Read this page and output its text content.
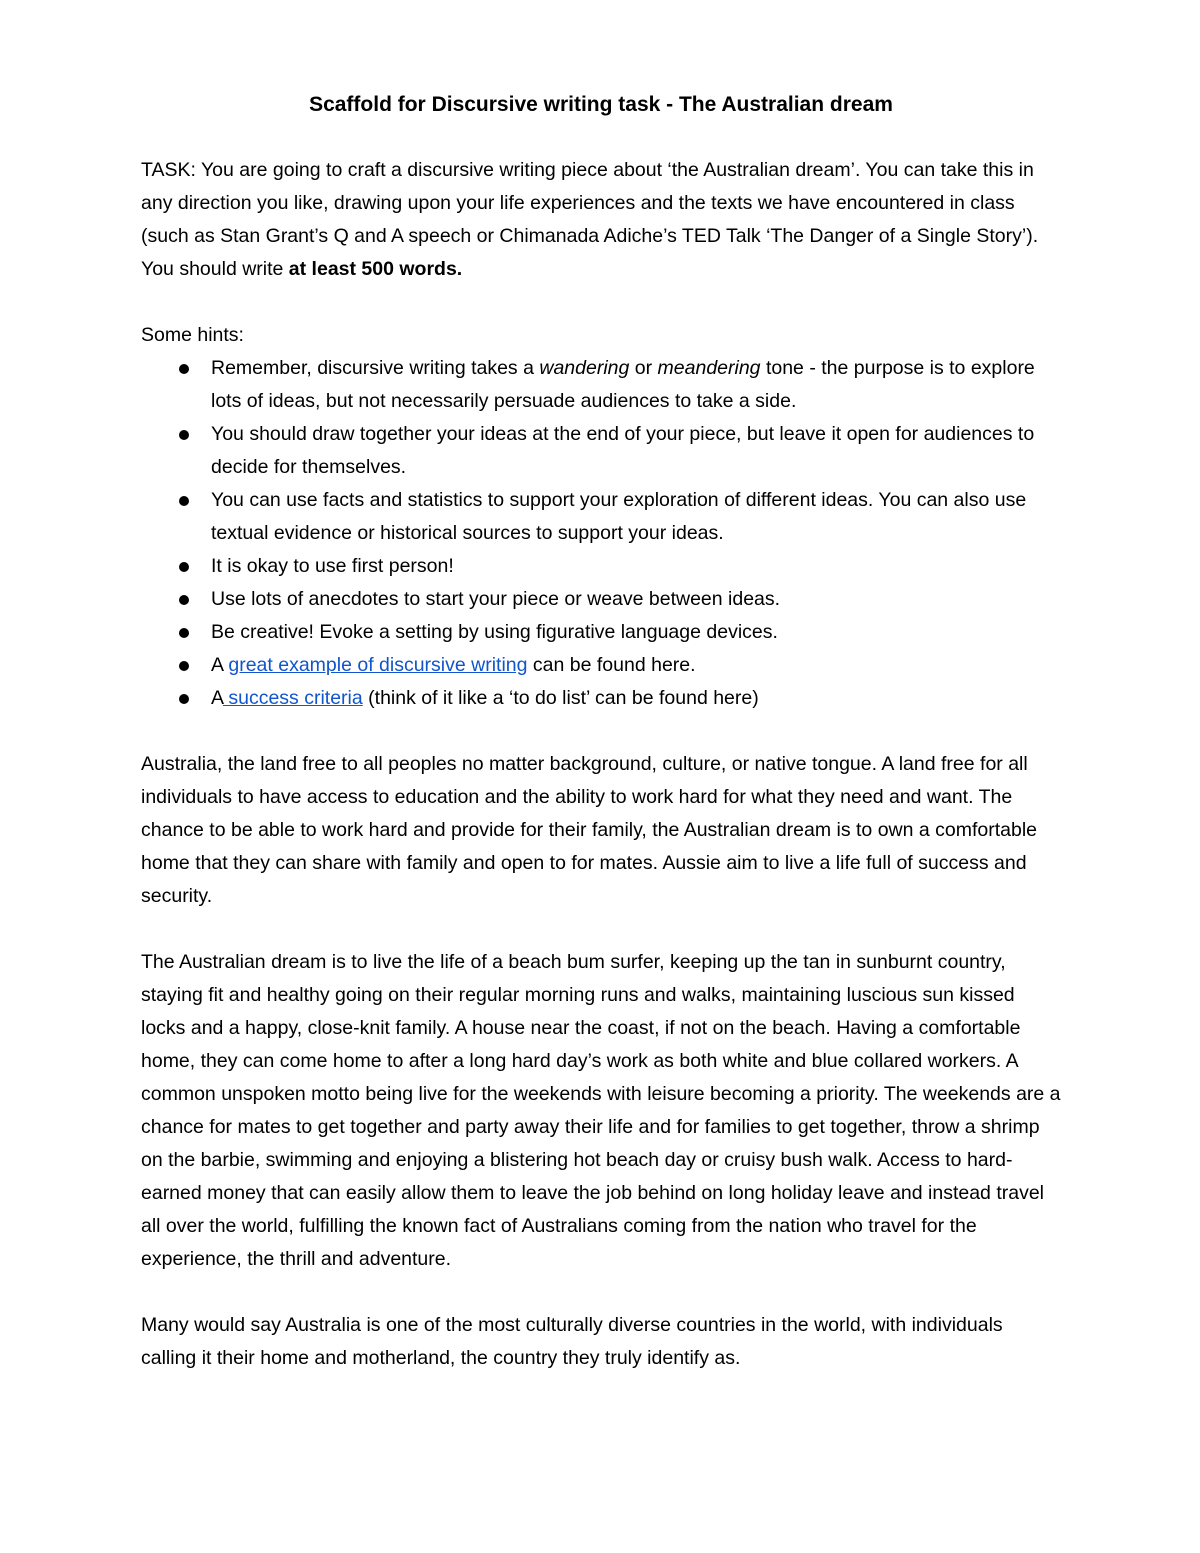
Scaffold for Discursive writing task - The Australian dream

TASK: You are going to craft a discursive writing piece about ‘the Australian dream’. You can take this in any direction you like, drawing upon your life experiences and the texts we have encountered in class (such as Stan Grant’s Q and A speech or Chimanada Adiche’s TED Talk ‘The Danger of a Single Story’). You should write at least 500 words.

Some hints:

Remember, discursive writing takes a wandering or meandering tone - the purpose is to explore lots of ideas, but not necessarily persuade audiences to take a side.
You should draw together your ideas at the end of your piece, but leave it open for audiences to decide for themselves.
You can use facts and statistics to support your exploration of different ideas. You can also use textual evidence or historical sources to support your ideas.
It is okay to use first person!
Use lots of anecdotes to start your piece or weave between ideas.
Be creative! Evoke a setting by using figurative language devices.
A great example of discursive writing can be found here.
A success criteria (think of it like a ‘to do list’ can be found here)

Australia, the land free to all peoples no matter background, culture, or native tongue. A land free for all individuals to have access to education and the ability to work hard for what they need and want. The chance to be able to work hard and provide for their family, the Australian dream is to own a comfortable home that they can share with family and open to for mates. Aussie aim to live a life full of success and security.

The Australian dream is to live the life of a beach bum surfer, keeping up the tan in sunburnt country, staying fit and healthy going on their regular morning runs and walks, maintaining luscious sun kissed locks and a happy, close-knit family. A house near the coast, if not on the beach. Having a comfortable home, they can come home to after a long hard day’s work as both white and blue collared workers. A common unspoken motto being live for the weekends with leisure becoming a priority. The weekends are a chance for mates to get together and party away their life and for families to get together, throw a shrimp on the barbie, swimming and enjoying a blistering hot beach day or cruisy bush walk. Access to hard-earned money that can easily allow them to leave the job behind on long holiday leave and instead travel all over the world, fulfilling the known fact of Australians coming from the nation who travel for the experience, the thrill and adventure.

Many would say Australia is one of the most culturally diverse countries in the world, with individuals calling it their home and motherland, the country they truly identify as.
